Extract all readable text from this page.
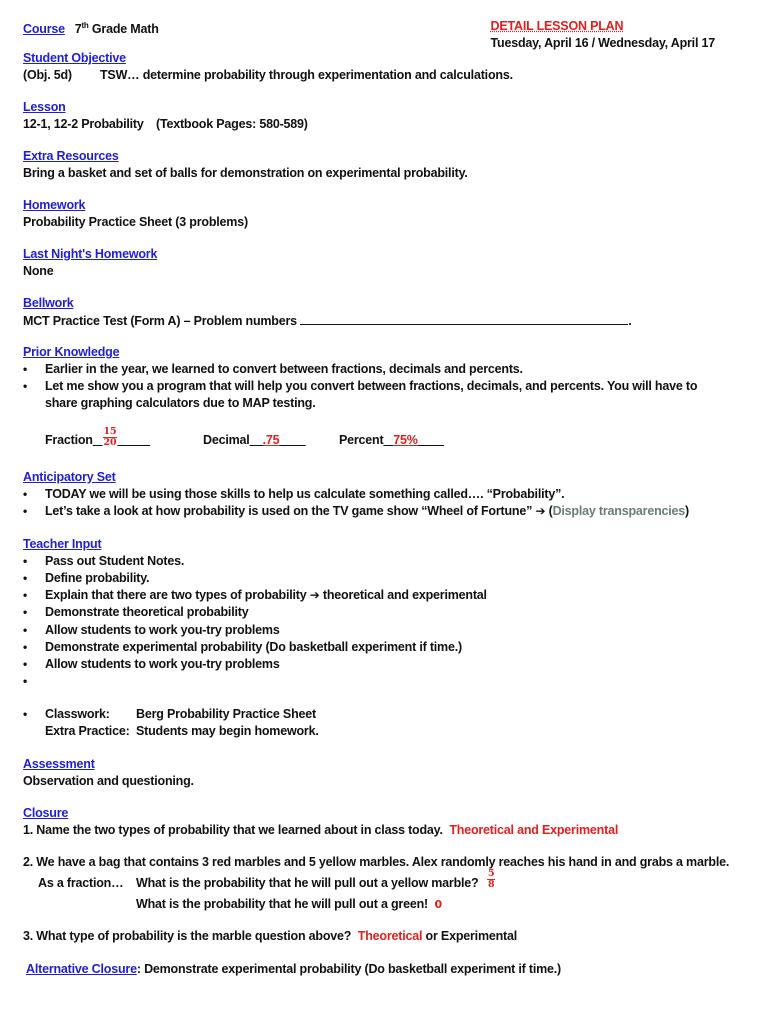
Course 7th Grade Math	DETAIL LESSON PLAN
Tuesday, April 16 / Wednesday, April 17
Student Objective
(Obj. 5d) TSW… determine probability through experimentation and calculations.
Lesson
12-1, 12-2 Probability (Textbook Pages: 580-589)
Extra Resources
Bring a basket and set of balls for demonstration on experimental probability.
Homework
Probability Practice Sheet (3 problems)
Last Night's Homework
None
Bellwork
MCT Practice Test (Form A) – Problem numbers	.
Prior Knowledge
• Earlier in the year, we learned to convert between fractions, decimals and percents.
• Let me show you a program that will help you convert between fractions, decimals, and percents. You will have to share graphing calculators due to MAP testing.
Fraction $\frac{15}{20}$
	Decimal .75	Percent 75%
Anticipatory Set
• TODAY we will be using those skills to help us calculate something called…. “Probability”.
• Let’s take a look at how probability is used on the TV game show “Wheel of Fortune” ➔ (Display transparencies)
Teacher Input
• Pass out Student Notes.
• Define probability.
• Explain that there are two types of probability ➔ theoretical and experimental
• Demonstrate theoretical probability
• Allow students to work you-try problems
• Demonstrate experimental probability (Do basketball experiment if time.)
• Allow students to work you-try problems
•
• Classwork:	Berg Probability Practice Sheet
Extra Practice: Students may begin homework.
Assessment
Observation and questioning.
Closure
1. Name the two types of probability that we learned about in class today. Theoretical and Experimental
2. We have a bag that contains 3 red marbles and 5 yellow marbles. Alex randomly reaches his hand in and grabs a marble.
As a fraction… What is the probability that he will pull out a yellow marble? $\frac{5}{8}$
What is the probability that he will pull out a green! 0
3. What type of probability is the marble question above? Theoretical or Experimental
Alternative Closure: Demonstrate experimental probability (Do basketball experiment if time.)
